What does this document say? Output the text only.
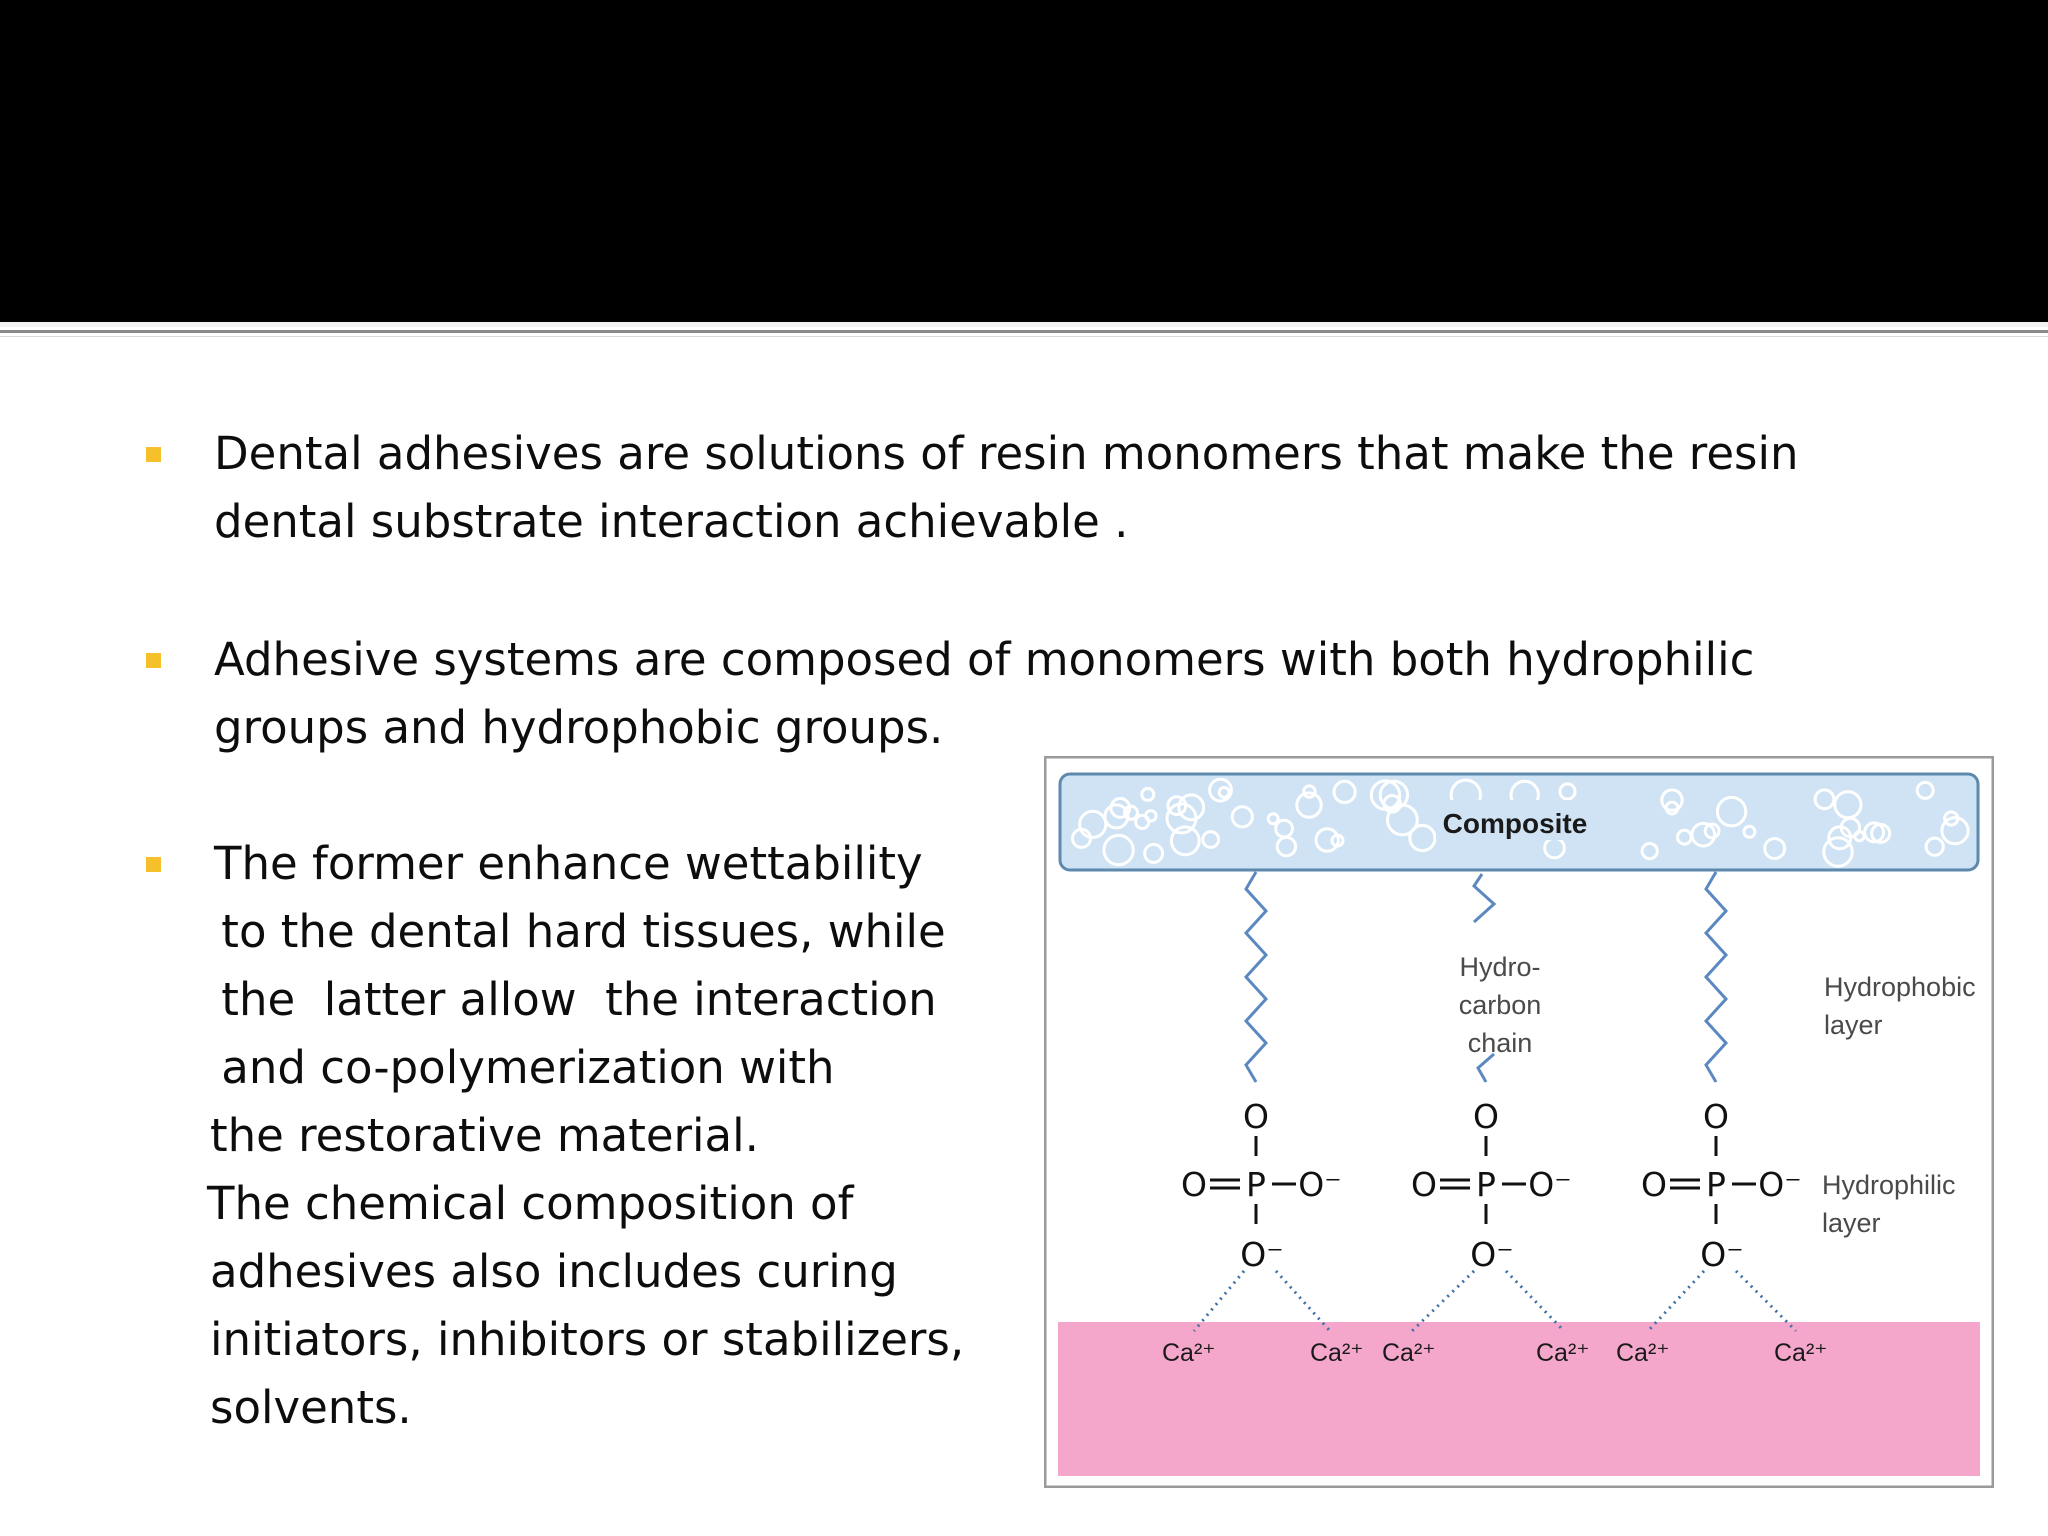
Dental adhesives are solutions of resin monomers that make the resin
dental substrate interaction achievable .
Adhesive systems are composed of monomers with both hydrophilic
groups and hydrophobic groups.
The former enhance wettability
to the dental hard tissues, while
the  latter allow  the interaction
and co-polymerization with
the restorative material.
The chemical composition of
adhesives also includes curing
initiators, inhibitors or stabilizers,
solvents.
Composite
Hydro-
carbon
chain
Hydrophobic
layer
Hydrophilic
layer
O
O P O⁻
O⁻
O
O P O⁻
O⁻
O
O P O⁻
O⁻
Ca²⁺	Ca²⁺ Ca²⁺	Ca²⁺ Ca²⁺	Ca²⁺
